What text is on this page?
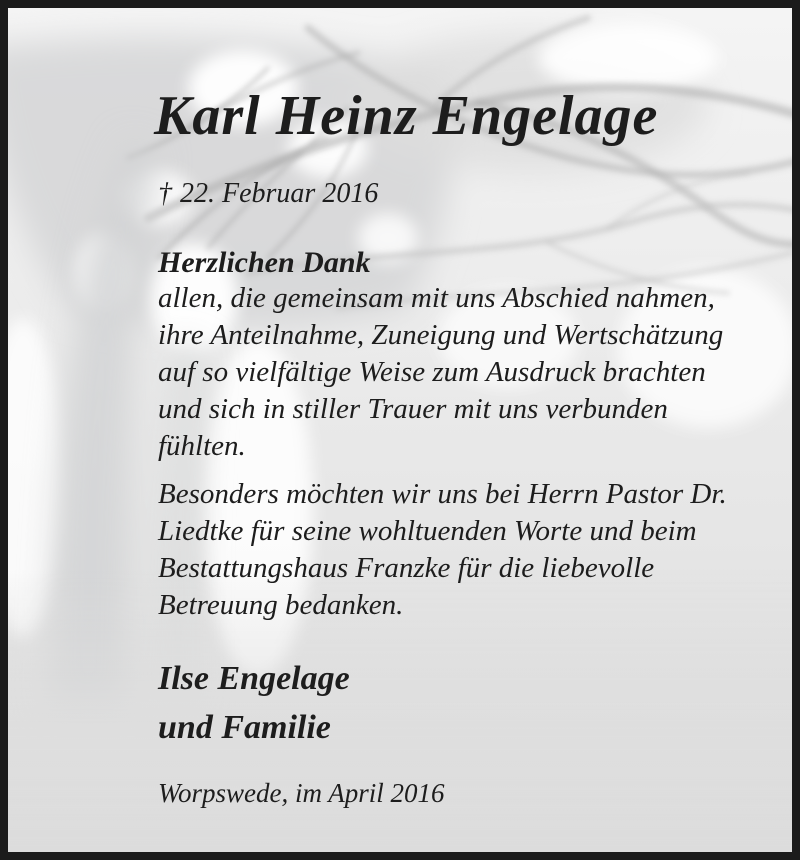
Karl Heinz Engelage
† 22. Februar 2016
Herzlichen Dank
allen, die gemeinsam mit uns Abschied nahmen,
ihre Anteilnahme, Zuneigung und Wertschätzung
auf so vielfältige Weise zum Ausdruck brachten
und sich in stiller Trauer mit uns verbunden
fühlten.
Besonders möchten wir uns bei Herrn Pastor Dr.
Liedtke für seine wohltuenden Worte und beim
Bestattungshaus Franzke für die liebevolle
Betreuung bedanken.
Ilse Engelage
und Familie
Worpswede, im April 2016
